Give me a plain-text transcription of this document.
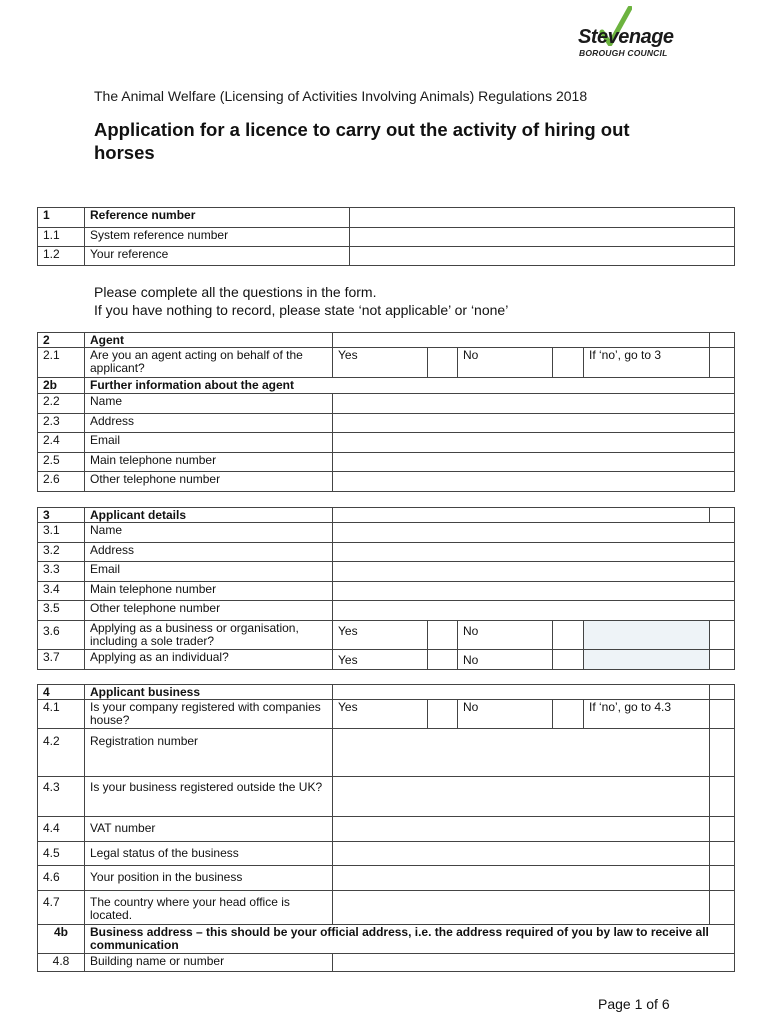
Stevenage
BOROUGH COUNCIL
The Animal Welfare (Licensing of Activities Involving Animals) Regulations 2018
Application for a licence to carry out the activity of hiring out horses
1	Reference number	
1.1	System reference number	
1.2	Your reference	
Please complete all the questions in the form.
If you have nothing to record, please state ‘not applicable’ or ‘none’
2	Agent						
2.1	Are you an agent acting on behalf of the applicant?	Yes		No		If ‘no’, go to 3	
2b	Further information about the agent						
2.2	Name						
2.3	Address						
2.4	Email						
2.5	Main telephone number						
2.6	Other telephone number						
3	Applicant details						
3.1	Name						
3.2	Address						
3.3	Email						
3.4	Main telephone number						
3.5	Other telephone number						
3.6	Applying as a business or organisation, including a sole trader?	Yes		No			
3.7	Applying as an individual?	Yes		No			
4	Applicant business						
4.1	Is your company registered with companies house?	Yes		No		If ‘no’, go to 4.3	
4.2	Registration number						
4.3	Is your business registered outside the UK?						
4.4	VAT number						
4.5	Legal status of the business						
4.6	Your position in the business						
4.7	The country where your head office is located.						
4b	Business address – this should be your official address, i.e. the address required of you by law to receive all communication						
4.8	Building name or number						
Page 1 of 6
